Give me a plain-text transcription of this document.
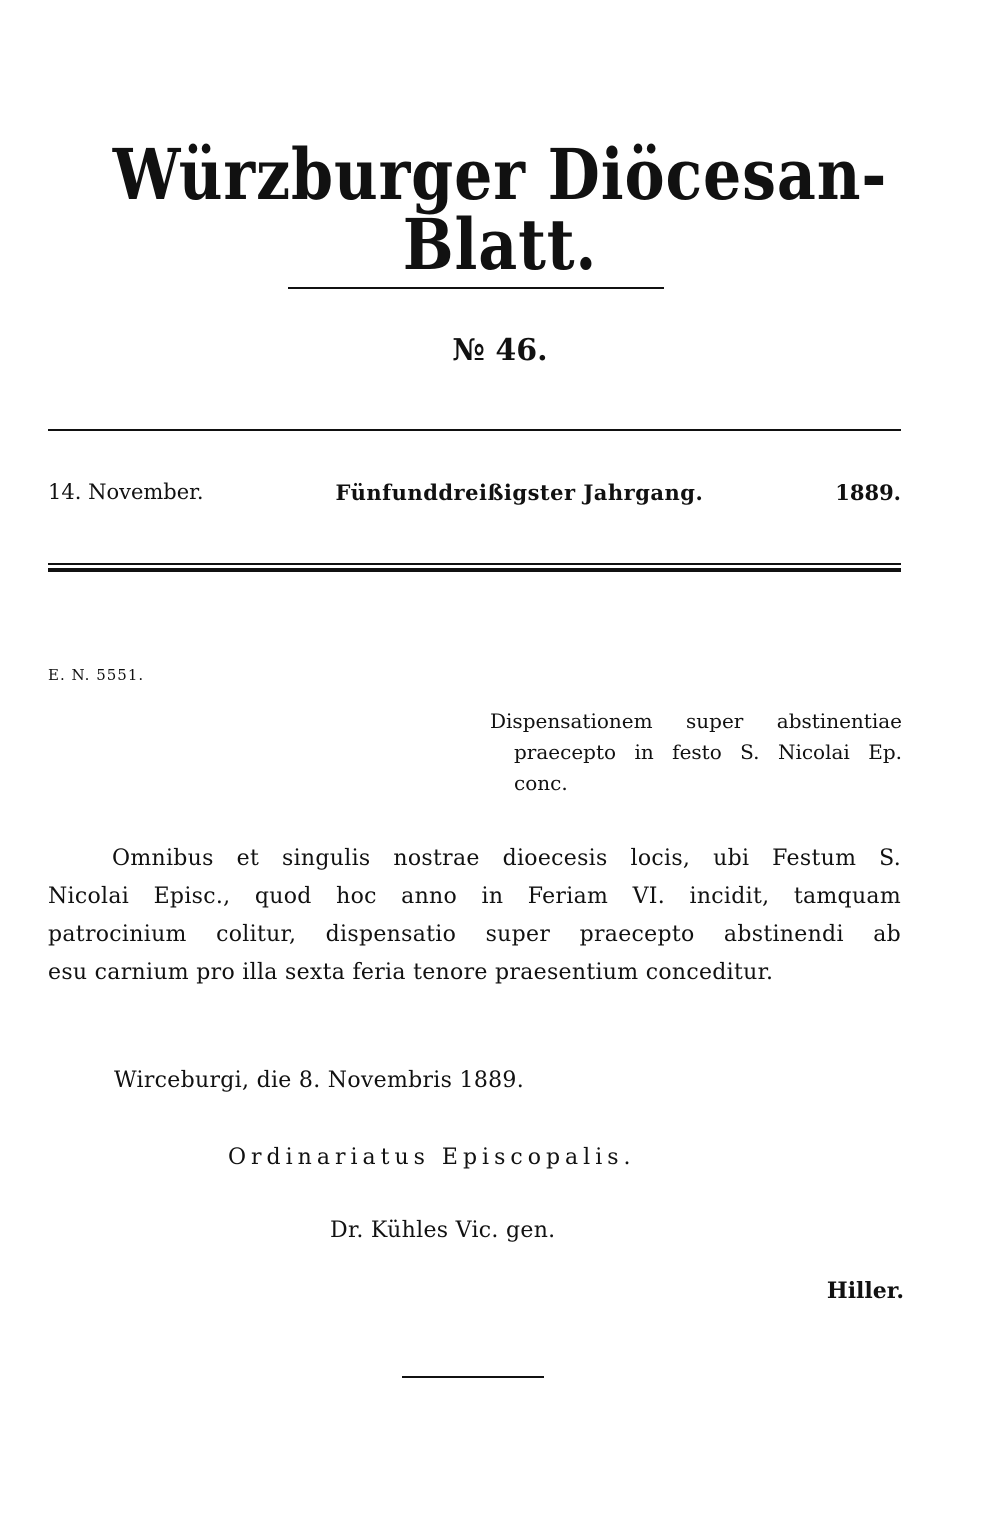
Würzburger Diöcesan-Blatt.
№ 46.
14. November.	Fünfunddreißigster Jahrgang.	1889.
E. N. 5551.
Dispensationem super abstinentiae
praecepto in festo S. Nicolai Ep.
conc.
Omnibus et singulis nostrae dioecesis locis, ubi Festum S.
Nicolai Episc., quod hoc anno in Feriam VI. incidit, tamquam
patrocinium colitur, dispensatio super praecepto abstinendi ab
esu carnium pro illa sexta feria tenore praesentium conceditur.
Wirceburgi, die 8. Novembris 1889.
Ordinariatus Episcopalis.
Dr. Kühles Vic. gen.
Hiller.
